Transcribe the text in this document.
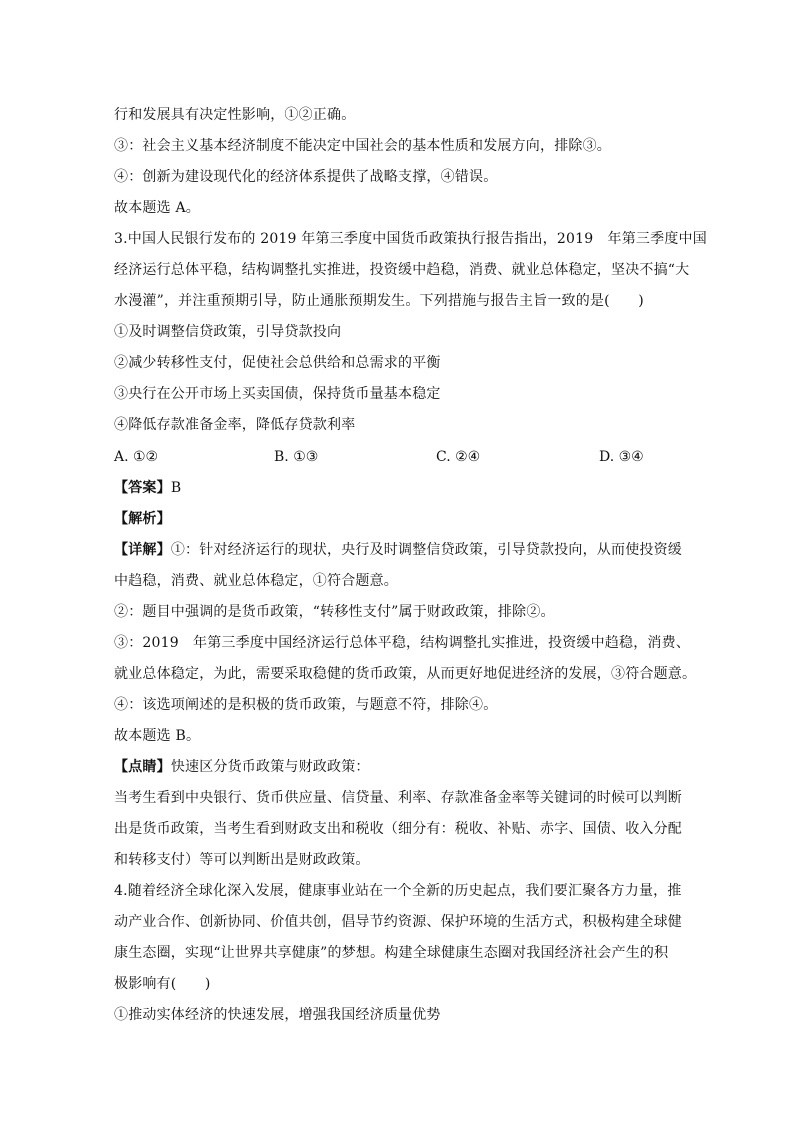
行和发展具有决定性影响，①②正确。
③：社会主义基本经济制度不能决定中国社会的基本性质和发展方向，排除③。
④：创新为建设现代化的经济体系提供了战略支撑，④错误。
故本题选 A。
3.中国人民银行发布的 2019 年第三季度中国货币政策执行报告指出，2019　年第三季度中国
经济运行总体平稳，结构调整扎实推进，投资缓中趋稳，消费、就业总体稳定，坚决不搞“大
水漫灌”，并注重预期引导，防止通胀预期发生。下列措施与报告主旨一致的是(　　)
①及时调整信贷政策，引导贷款投向
②减少转移性支付，促使社会总供给和总需求的平衡
③央行在公开市场上买卖国债，保持货币量基本稳定
④降低存款准备金率，降低存贷款利率
A. ①②	B. ①③	C. ②④	D. ③④
【答案】B
【解析】
【详解】①：针对经济运行的现状，央行及时调整信贷政策，引导贷款投向，从而使投资缓
中趋稳，消费、就业总体稳定，①符合题意。
②：题目中强调的是货币政策，“转移性支付”属于财政政策，排除②。
③：2019　年第三季度中国经济运行总体平稳，结构调整扎实推进，投资缓中趋稳，消费、
就业总体稳定，为此，需要采取稳健的货币政策，从而更好地促进经济的发展，③符合题意。
④：该选项阐述的是积极的货币政策，与题意不符，排除④。
故本题选 B。
【点睛】快速区分货币政策与财政政策：
当考生看到中央银行、货币供应量、信贷量、利率、存款准备金率等关键词的时候可以判断
出是货币政策，当考生看到财政支出和税收（细分有：税收、补贴、赤字、国债、收入分配
和转移支付）等可以判断出是财政政策。
4.随着经济全球化深入发展，健康事业站在一个全新的历史起点，我们要汇聚各方力量，推
动产业合作、创新协同、价值共创，倡导节约资源、保护环境的生活方式，积极构建全球健
康生态圈，实现“让世界共享健康”的梦想。构建全球健康生态圈对我国经济社会产生的积
极影响有(　　)
①推动实体经济的快速发展，增强我国经济质量优势
